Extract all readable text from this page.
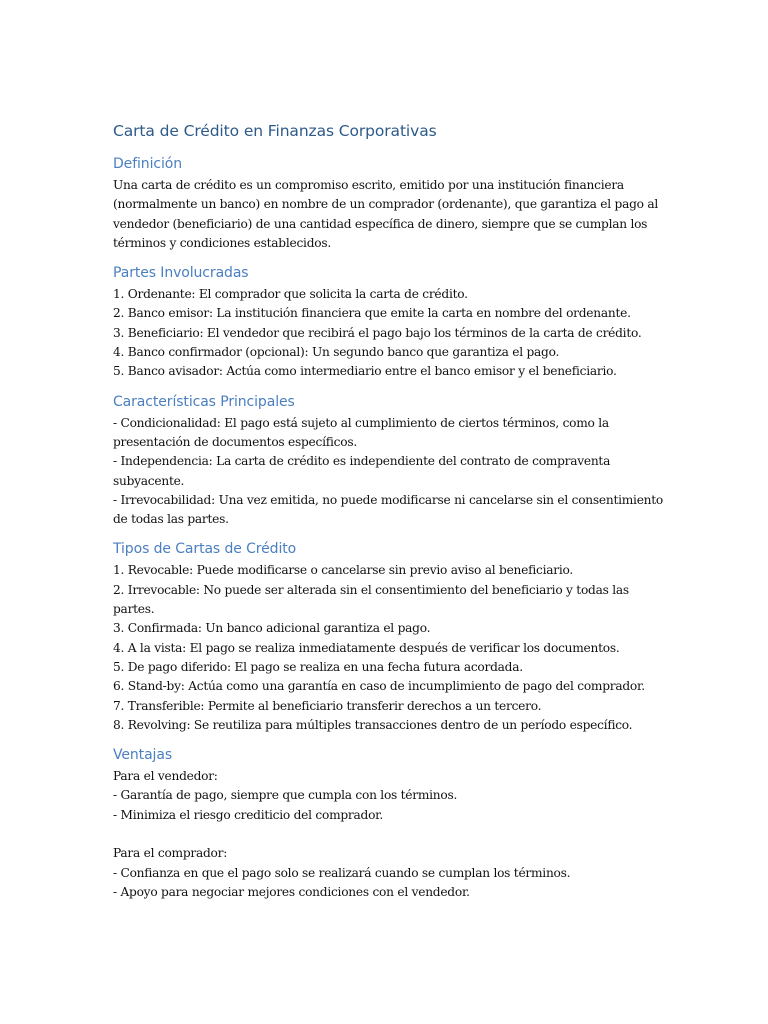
Carta de Crédito en Finanzas Corporativas
Definición

Una carta de crédito es un compromiso escrito, emitido por una institución financiera (normalmente un banco) en nombre de un comprador (ordenante), que garantiza el pago al vendedor (beneficiario) de una cantidad específica de dinero, siempre que se cumplan los términos y condiciones establecidos.

Partes Involucradas

1. Ordenante: El comprador que solicita la carta de crédito.

2. Banco emisor: La institución financiera que emite la carta en nombre del ordenante.

3. Beneficiario: El vendedor que recibirá el pago bajo los términos de la carta de crédito.

4. Banco confirmador (opcional): Un segundo banco que garantiza el pago.

5. Banco avisador: Actúa como intermediario entre el banco emisor y el beneficiario.

Características Principales

- Condicionalidad: El pago está sujeto al cumplimiento de ciertos términos, como la presentación de documentos específicos.

- Independencia: La carta de crédito es independiente del contrato de compraventa subyacente.

- Irrevocabilidad: Una vez emitida, no puede modificarse ni cancelarse sin el consentimiento de todas las partes.

Tipos de Cartas de Crédito

1. Revocable: Puede modificarse o cancelarse sin previo aviso al beneficiario.

2. Irrevocable: No puede ser alterada sin el consentimiento del beneficiario y todas las partes.

3. Confirmada: Un banco adicional garantiza el pago.

4. A la vista: El pago se realiza inmediatamente después de verificar los documentos.

5. De pago diferido: El pago se realiza en una fecha futura acordada.

6. Stand-by: Actúa como una garantía en caso de incumplimiento de pago del comprador.

7. Transferible: Permite al beneficiario transferir derechos a un tercero.

8. Revolving: Se reutiliza para múltiples transacciones dentro de un período específico.

Ventajas

Para el vendedor:

- Garantía de pago, siempre que cumpla con los términos.

- Minimiza el riesgo crediticio del comprador.

Para el comprador:

- Confianza en que el pago solo se realizará cuando se cumplan los términos.

- Apoyo para negociar mejores condiciones con el vendedor.
